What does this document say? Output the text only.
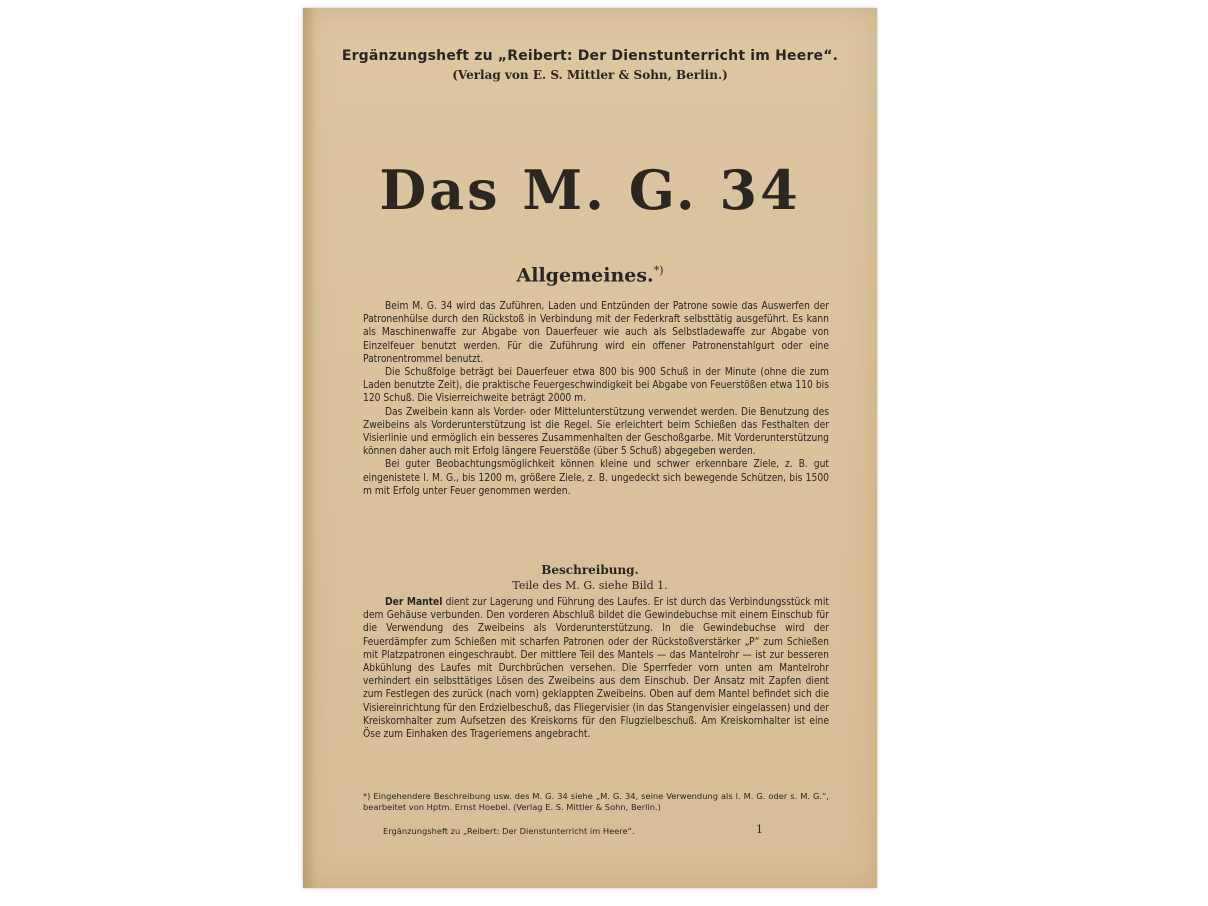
Ergänzungsheft zu „Reibert: Der Dienstunterricht im Heere“.
(Verlag von E. S. Mittler & Sohn, Berlin.)
Das M. G. 34
Allgemeines.*)

Beim M. G. 34 wird das Zuführen, Laden und Entzünden der Patrone sowie das Auswerfen der Patronenhülse durch den Rückstoß in Verbindung mit der Federkraft selbsttätig ausgeführt. Es kann als Maschinenwaffe zur Abgabe von Dauerfeuer wie auch als Selbstladewaffe zur Abgabe von Einzelfeuer benutzt werden. Für die Zuführung wird ein offener Patronenstahlgurt oder eine Patronentrommel benutzt.

Die Schußfolge beträgt bei Dauerfeuer etwa 800 bis 900 Schuß in der Minute (ohne die zum Laden benutzte Zeit), die praktische Feuergeschwindigkeit bei Abgabe von Feuerstößen etwa 110 bis 120 Schuß. Die Visierreichweite beträgt 2000 m.

Das Zweibein kann als Vorder- oder Mittelunterstützung verwendet werden. Die Benutzung des Zweibeins als Vorderunterstützung ist die Regel. Sie erleichtert beim Schießen das Festhalten der Visierlinie und ermöglich ein besseres Zusammenhalten der Geschoßgarbe. Mit Vorderunterstützung können daher auch mit Erfolg längere Feuerstöße (über 5 Schuß) abgegeben werden.

Bei guter Beobachtungsmöglichkeit können kleine und schwer erkennbare Ziele, z. B. gut eingenistete l. M. G., bis 1200 m, größere Ziele, z. B. ungedeckt sich bewegende Schützen, bis 1500 m mit Erfolg unter Feuer genommen werden.

Beschreibung.
Teile des M. G. siehe Bild 1.

Der Mantel dient zur Lagerung und Führung des Laufes. Er ist durch das Verbindungsstück mit dem Gehäuse verbunden. Den vorderen Abschluß bildet die Gewindebuchse mit einem Einschub für die Verwendung des Zweibeins als Vorderunterstützung. In die Gewindebuchse wird der Feuerdämpfer zum Schießen mit scharfen Patronen oder der Rückstoßverstärker „P“ zum Schießen mit Platzpatronen eingeschraubt. Der mittlere Teil des Mantels — das Mantelrohr — ist zur besseren Abkühlung des Laufes mit Durchbrüchen versehen. Die Sperrfeder vorn unten am Mantelrohr verhindert ein selbsttätiges Lösen des Zweibeins aus dem Einschub. Der Ansatz mit Zapfen dient zum Festlegen des zurück (nach vorn) geklappten Zweibeins. Oben auf dem Mantel befindet sich die Visiereinrichtung für den Erdzielbeschuß, das Fliegervisier (in das Stangenvisier eingelassen) und der Kreiskornhalter zum Aufsetzen des Kreiskorns für den Flugzielbeschuß. Am Kreiskornhalter ist eine Öse zum Einhaken des Trageriemens angebracht.

*) Eingehendere Beschreibung usw. des M. G. 34 siehe „M. G. 34, seine Verwendung als l. M. G. oder s. M. G.“, bearbeitet von Hptm. Ernst Hoebel. (Verlag E. S. Mittler & Sohn, Berlin.)
Ergänzungsheft zu „Reibert: Der Dienstunterricht im Heere“.	1
